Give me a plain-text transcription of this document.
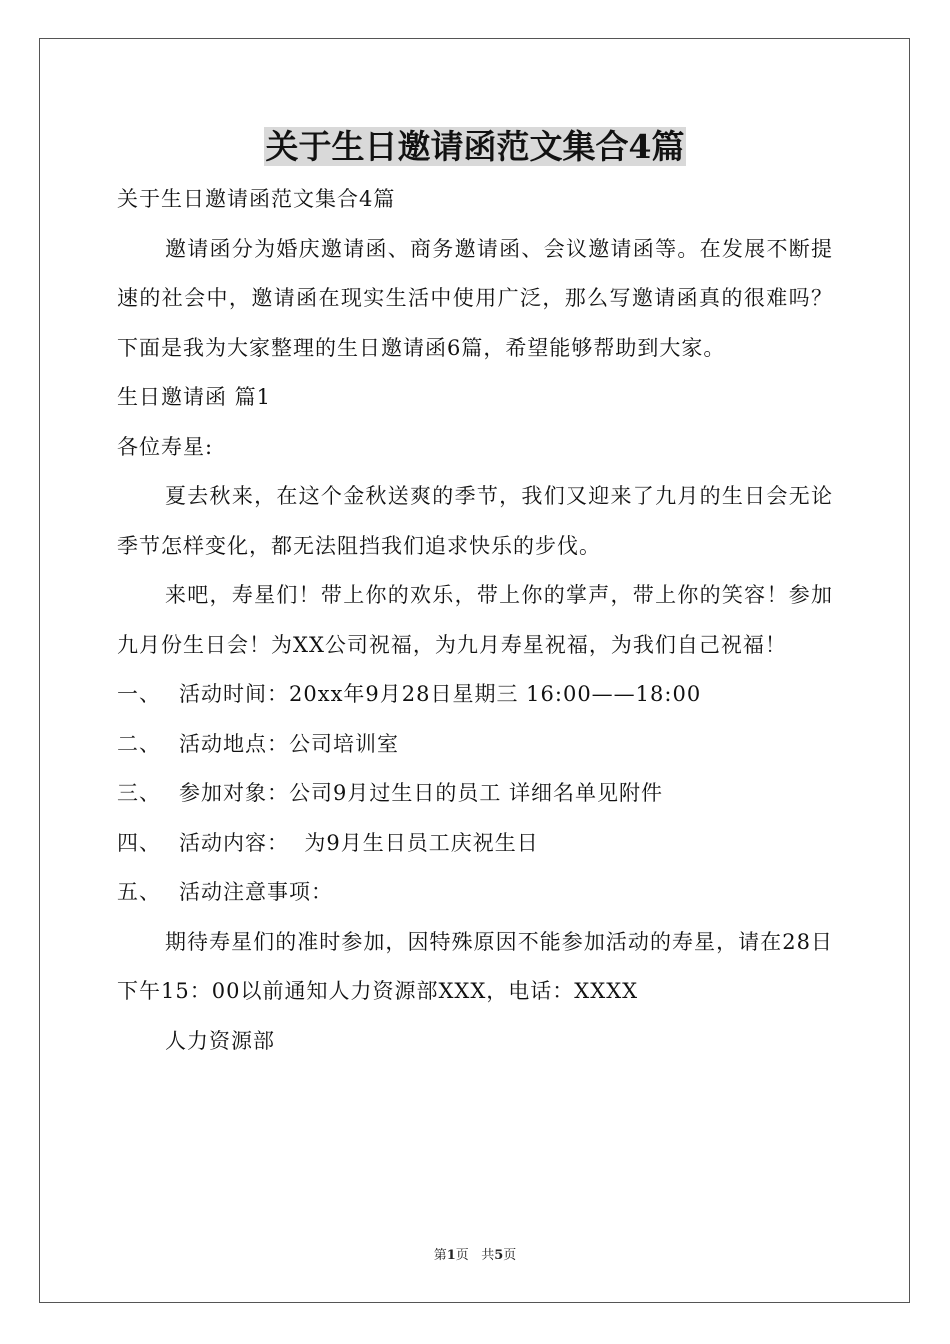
关于生日邀请函范文集合4篇

关于生日邀请函范文集合4篇

邀请函分为婚庆邀请函、商务邀请函、会议邀请函等。在发展不断提速的社会中，邀请函在现实生活中使用广泛，那么写邀请函真的很难吗？下面是我为大家整理的生日邀请函6篇，希望能够帮助到大家。

生日邀请函 篇1

各位寿星:

夏去秋来，在这个金秋送爽的季节，我们又迎来了九月的生日会无论季节怎样变化，都无法阻挡我们追求快乐的步伐。

来吧，寿星们！带上你的欢乐，带上你的掌声，带上你的笑容！参加九月份生日会！为XX公司祝福，为九月寿星祝福，为我们自己祝福！

一、 活动时间：20xx年9月28日星期三 16:00——18:00

二、 活动地点：公司培训室

三、 参加对象：公司9月过生日的员工 详细名单见附件

四、 活动内容：  为9月生日员工庆祝生日

五、 活动注意事项：

期待寿星们的准时参加，因特殊原因不能参加活动的寿星，请在28日下午15：00以前通知人力资源部XXX，电话：XXXX

人力资源部

第1页   共5页
